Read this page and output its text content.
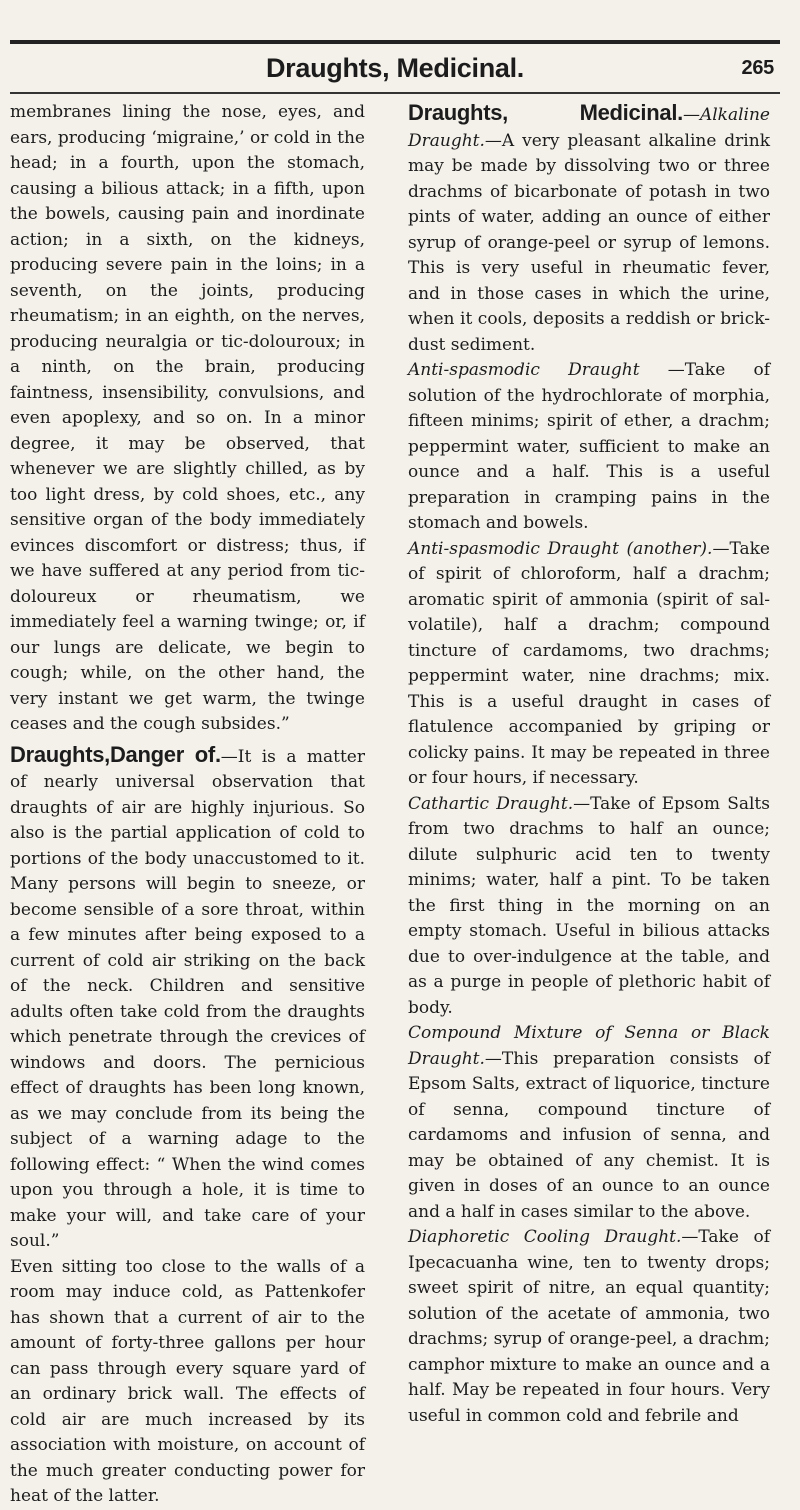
Draughts, Medicinal.	265

membranes lining the nose, eyes, and ears, producing ‘migraine,’ or cold in the head; in a fourth, upon the stomach, causing a bilious attack; in a fifth, upon the bowels, causing pain and inordinate action; in a sixth, on the kidneys, producing severe pain in the loins; in a seventh, on the joints, producing rheumatism; in an eighth, on the nerves, producing neuralgia or tic-dolouroux; in a ninth, on the brain, producing faintness, insensibility, convulsions, and even apoplexy, and so on. In a minor degree, it may be observed, that whenever we are slightly chilled, as by too light dress, by cold shoes, etc., any sensitive organ of the body immediately evinces discomfort or distress; thus, if we have suffered at any period from tic-doloureux or rheumatism, we immediately feel a warning twinge; or, if our lungs are delicate, we begin to cough; while, on the other hand, the very instant we get warm, the twinge ceases and the cough subsides.”

Draughts,Danger of.—It is a matter of nearly universal observation that draughts of air are highly injurious. So also is the partial application of cold to portions of the body unaccustomed to it. Many persons will begin to sneeze, or become sensible of a sore throat, within a few minutes after being exposed to a current of cold air striking on the back of the neck. Children and sensitive adults often take cold from the draughts which penetrate through the crevices of windows and doors. The pernicious effect of draughts has been long known, as we may conclude from its being the subject of a warning adage to the following effect: “ When the wind comes upon you through a hole, it is time to make your will, and take care of your soul.”

Even sitting too close to the walls of a room may induce cold, as Pattenkofer has shown that a current of air to the amount of forty-three gallons per hour can pass through every square yard of an ordinary brick wall. The effects of cold air are much increased by its association with moisture, on account of the much greater conducting power for heat of the latter.

Draughts, Medicinal.—Alkaline Draught.—A very pleasant alkaline drink may be made by dissolving two or three drachms of bicarbonate of potash in two pints of water, adding an ounce of either syrup of orange-peel or syrup of lemons. This is very useful in rheumatic fever, and in those cases in which the urine, when it cools, deposits a reddish or brick-dust sediment.

Anti-spasmodic Draught —Take of solution of the hydrochlorate of morphia, fifteen minims; spirit of ether, a drachm; peppermint water, sufficient to make an ounce and a half. This is a useful preparation in cramping pains in the stomach and bowels.

Anti-spasmodic Draught (another).—Take of spirit of chloroform, half a drachm; aromatic spirit of ammonia (spirit of sal-volatile), half a drachm; compound tincture of cardamoms, two drachms; peppermint water, nine drachms; mix. This is a useful draught in cases of flatulence accompanied by griping or colicky pains. It may be repeated in three or four hours, if necessary.

Cathartic Draught.—Take of Epsom Salts from two drachms to half an ounce; dilute sulphuric acid ten to twenty minims; water, half a pint. To be taken the first thing in the morning on an empty stomach. Useful in bilious attacks due to over-indulgence at the table, and as a purge in people of plethoric habit of body.

Compound Mixture of Senna or Black Draught.—This preparation consists of Epsom Salts, extract of liquorice, tincture of senna, compound tincture of cardamoms and infusion of senna, and may be obtained of any chemist. It is given in doses of an ounce to an ounce and a half in cases similar to the above.

Diaphoretic Cooling Draught.—Take of Ipecacuanha wine, ten to twenty drops; sweet spirit of nitre, an equal quantity; solution of the acetate of ammonia, two drachms; syrup of orange-peel, a drachm; camphor mixture to make an ounce and a half. May be repeated in four hours. Very useful in common cold and febrile and
